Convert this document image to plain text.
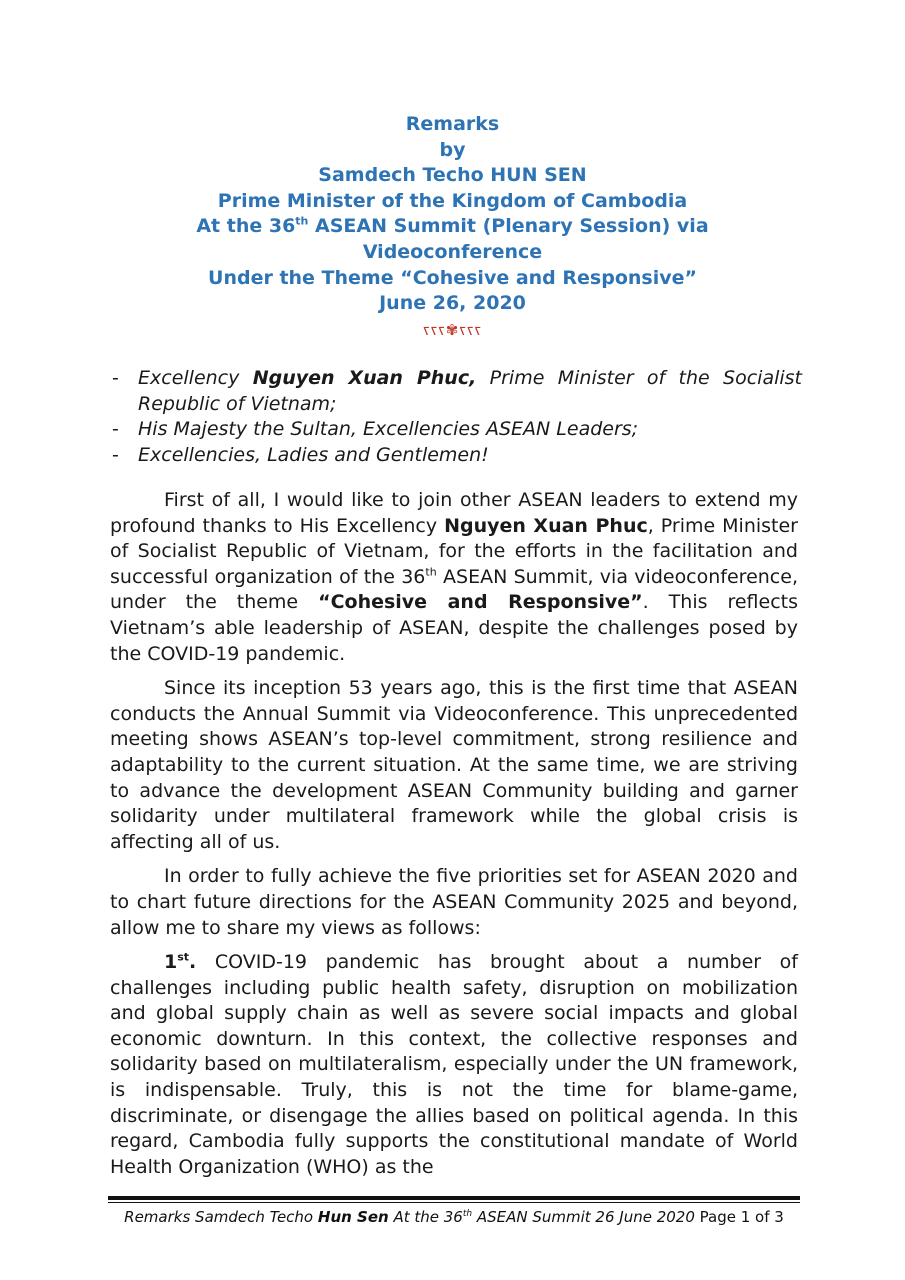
Remarks
by
Samdech Techo HUN SEN
Prime Minister of the Kingdom of Cambodia
At the 36th ASEAN Summit (Plenary Session) via
Videoconference
Under the Theme “Cohesive and Responsive”
June 26, 2020
ꧏꧏꧏ✾ꧏꧏꧏ
-	Excellency Nguyen Xuan Phuc, Prime Minister of the Socialist Republic of Vietnam;
-	His Majesty the Sultan, Excellencies ASEAN Leaders;
-	Excellencies, Ladies and Gentlemen!

First of all, I would like to join other ASEAN leaders to extend my profound thanks to His Excellency Nguyen Xuan Phuc, Prime Minister of Socialist Republic of Vietnam, for the efforts in the facilitation and successful organization of the 36th ASEAN Summit, via videoconference, under the theme “Cohesive and Responsive”. This reflects Vietnam’s able leadership of ASEAN, despite the challenges posed by the COVID-19 pandemic.

Since its inception 53 years ago, this is the first time that ASEAN conducts the Annual Summit via Videoconference. This unprecedented meeting shows ASEAN’s top-level commitment, strong resilience and adaptability to the current situation. At the same time, we are striving to advance the development ASEAN Community building and garner solidarity under multilateral framework while the global crisis is affecting all of us.

In order to fully achieve the five priorities set for ASEAN 2020 and to chart future directions for the ASEAN Community 2025 and beyond, allow me to share my views as follows:

1st. COVID-19 pandemic has brought about a number of challenges including public health safety, disruption on mobilization and global supply chain as well as severe social impacts and global economic downturn. In this context, the collective responses and solidarity based on multilateralism, especially under the UN framework, is indispensable. Truly, this is not the time for blame-game, discriminate, or disengage the allies based on political agenda. In this regard, Cambodia fully supports the constitutional mandate of World Health Organization (WHO) as the

Remarks Samdech Techo Hun Sen At the 36th ASEAN Summit 26 June 2020 Page 1 of 3
